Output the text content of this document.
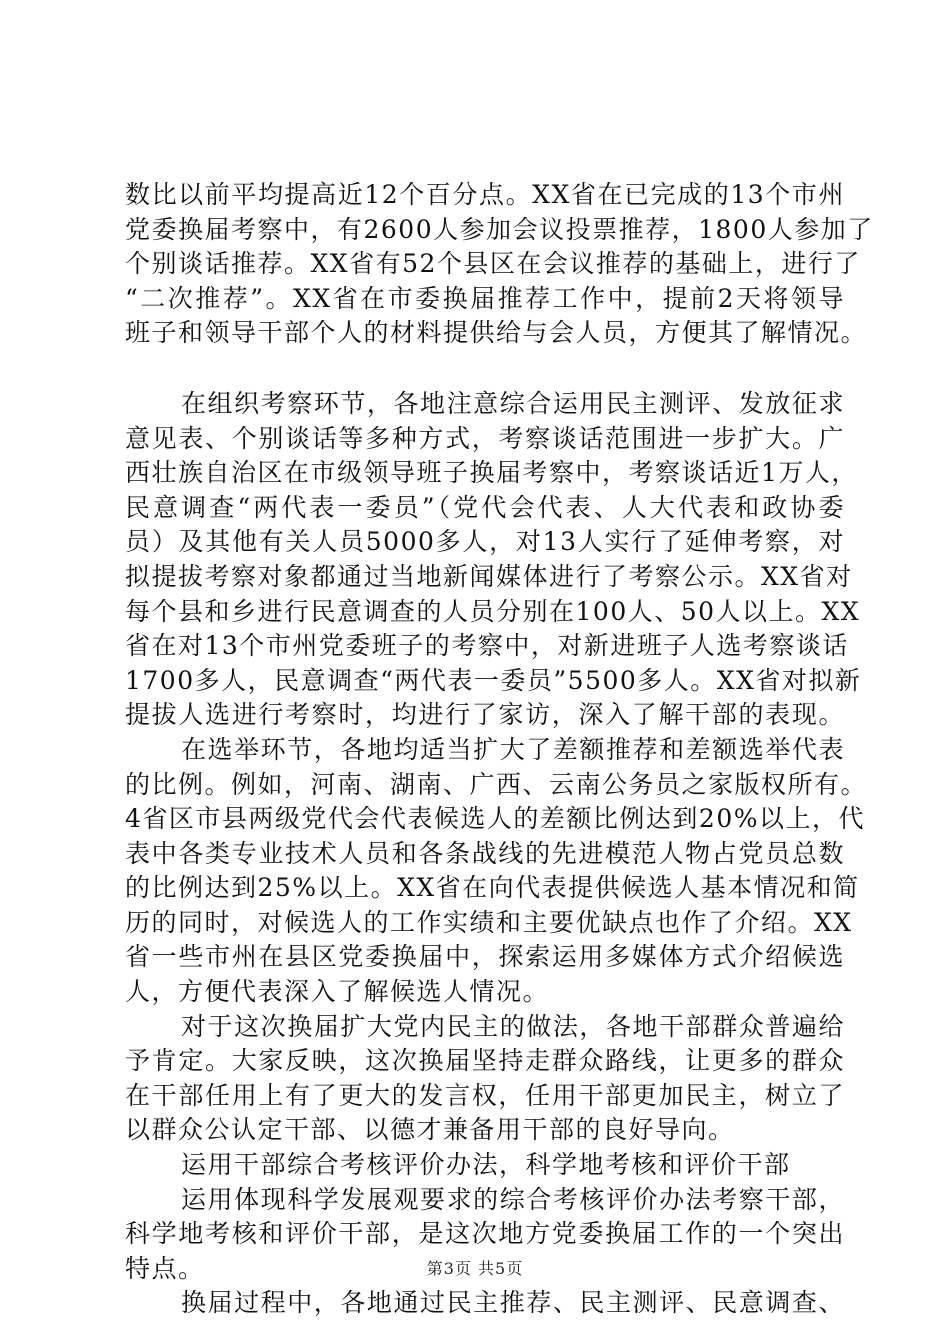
数比以前平均提高近12个百分点。XX省在已完成的13个市州
党委换届考察中，有2600人参加会议投票推荐，1800人参加了
个别谈话推荐。XX省有52个县区在会议推荐的基础上，进行了
“二次推荐”。XX省在市委换届推荐工作中，提前2天将领导
班子和领导干部个人的材料提供给与会人员，方便其了解情况。
在组织考察环节，各地注意综合运用民主测评、发放征求
意见表、个别谈话等多种方式，考察谈话范围进一步扩大。广
西壮族自治区在市级领导班子换届考察中，考察谈话近1万人，
民意调查“两代表一委员”（党代会代表、人大代表和政协委
员）及其他有关人员5000多人，对13人实行了延伸考察，对
拟提拔考察对象都通过当地新闻媒体进行了考察公示。XX省对
每个县和乡进行民意调查的人员分别在100人、50人以上。XX
省在对13个市州党委班子的考察中，对新进班子人选考察谈话
1700多人，民意调查“两代表一委员”5500多人。XX省对拟新
提拔人选进行考察时，均进行了家访，深入了解干部的表现。
在选举环节，各地均适当扩大了差额推荐和差额选举代表
的比例。例如，河南、湖南、广西、云南公务员之家版权所有。
4省区市县两级党代会代表候选人的差额比例达到20%以上，代
表中各类专业技术人员和各条战线的先进模范人物占党员总数
的比例达到25%以上。XX省在向代表提供候选人基本情况和简
历的同时，对候选人的工作实绩和主要优缺点也作了介绍。XX
省一些市州在县区党委换届中，探索运用多媒体方式介绍候选
人，方便代表深入了解候选人情况。
对于这次换届扩大党内民主的做法，各地干部群众普遍给
予肯定。大家反映，这次换届坚持走群众路线，让更多的群众
在干部任用上有了更大的发言权，任用干部更加民主，树立了
以群众公认定干部、以德才兼备用干部的良好导向。
运用干部综合考核评价办法，科学地考核和评价干部
运用体现科学发展观要求的综合考核评价办法考察干部，
科学地考核和评价干部，是这次地方党委换届工作的一个突出
特点。
换届过程中，各地通过民主推荐、民主测评、民意调查、
第3页 共5页
